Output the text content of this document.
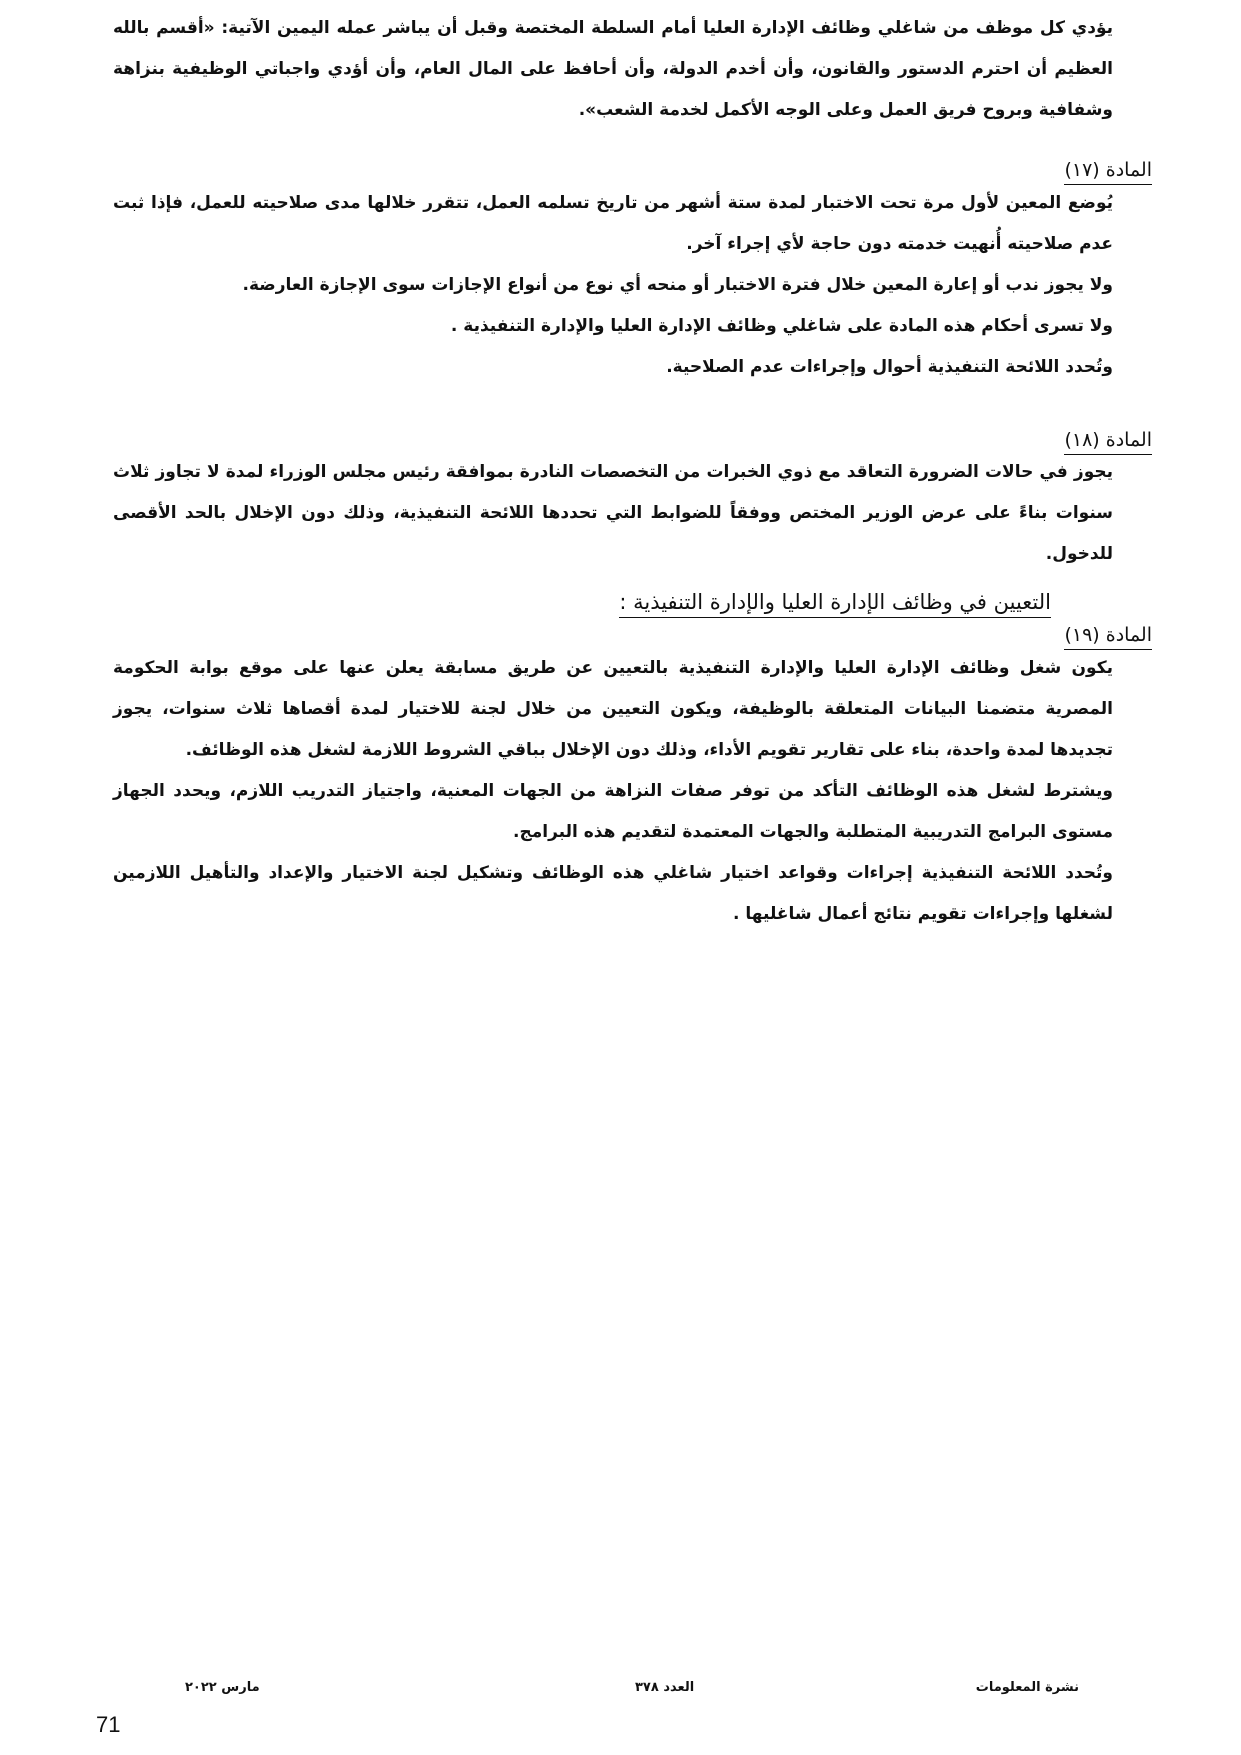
يؤدي كل موظف من شاغلي وظائف الإدارة العليا أمام السلطة المختصة وقبل أن يباشر عمله اليمين الآتية: «أقسم بالله العظيم أن احترم الدستور والقانون، وأن أخدم الدولة، وأن أحافظ على المال العام، وأن أؤدي واجباتي الوظيفية بنزاهة وشفافية وبروح فريق العمل وعلى الوجه الأكمل لخدمة الشعب».

المادة (١٧)

يُوضع المعين لأول مرة تحت الاختبار لمدة ستة أشهر من تاريخ تسلمه العمل، تتقرر خلالها مدى صلاحيته للعمل، فإذا ثبت عدم صلاحيته أُنهيت خدمته دون حاجة لأي إجراء آخر.

ولا يجوز ندب أو إعارة المعين خلال فترة الاختبار أو منحه أي نوع من أنواع الإجازات سوى الإجازة العارضة.

ولا تسرى أحكام هذه المادة على شاغلي وظائف الإدارة العليا والإدارة التنفيذية .

وتُحدد اللائحة التنفيذية أحوال وإجراءات عدم الصلاحية.

المادة (١٨)

يجوز في حالات الضرورة التعاقد مع ذوي الخبرات من التخصصات النادرة بموافقة رئيس مجلس الوزراء لمدة لا تجاوز ثلاث سنوات بناءً على عرض الوزير المختص ووفقاً للضوابط التي تحددها اللائحة التنفيذية، وذلك دون الإخلال بالحد الأقصى للدخول.

التعيين في وظائف الإدارة العليا والإدارة التنفيذية :
المادة (١٩)

يكون شغل وظائف الإدارة العليا والإدارة التنفيذية بالتعيين عن طريق مسابقة يعلن عنها على موقع بوابة الحكومة المصرية متضمنا البيانات المتعلقة بالوظيفة، ويكون التعيين من خلال لجنة للاختيار لمدة أقصاها ثلاث سنوات، يجوز تجديدها لمدة واحدة، بناء على تقارير تقويم الأداء، وذلك دون الإخلال بباقي الشروط اللازمة لشغل هذه الوظائف.

ويشترط لشغل هذه الوظائف التأكد من توفر صفات النزاهة من الجهات المعنية، واجتياز التدريب اللازم، ويحدد الجهاز مستوى البرامج التدريبية المتطلبة والجهات المعتمدة لتقديم هذه البرامج.

وتُحدد اللائحة التنفيذية إجراءات وقواعد اختيار شاغلي هذه الوظائف وتشكيل لجنة الاختيار والإعداد والتأهيل اللازمين لشغلها وإجراءات تقويم نتائج أعمال شاغليها .

نشرة المعلومات
العدد ٣٧٨
مارس ٢٠٢٢
71
